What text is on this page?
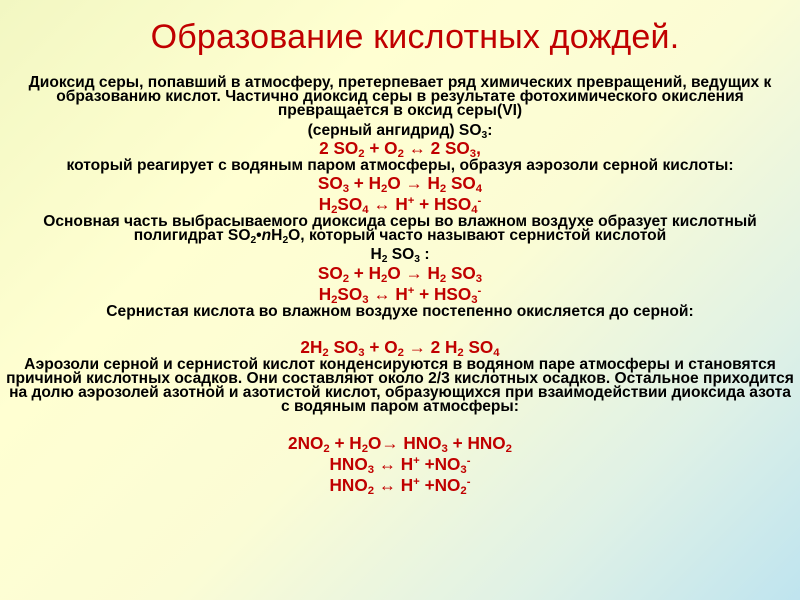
Образование кислотных дождей.
Диоксид серы, попавший в атмосферу, претерпевает ряд химических превращений, ведущих к образованию кислот. Частично диоксид серы в результате фотохимического окисления превращается в оксид серы(VI)
(серный ангидрид) $SO_3$:
2 $SO_2 + O_2$ ↔ 2 $SO_3$,
который реагирует с водяным паром атмосферы, образуя аэрозоли серной кислоты:
$SO_3 + H_2O \to H_2$ $SO_4$
$H_2SO_4$ ↔ $H^+ + HSO_4^-$
Основная часть выбрасываемого диоксида серы во влажном воздухе образует кислотный полигидрат $SO_2•nH_2O$, который часто называют сернистой кислотой
$H_2$ $SO_3$ :
$SO_2 + H_2O \to H_2$ $SO_3$
$H_2SO_3$ ↔ $H^+ + HSO_3^-$
Сернистая кислота во влажном воздухе постепенно окисляется до серной:
$2H_2$ $SO_3 + O_2 \to 2$ $H_2$ $SO_4$
Аэрозоли серной и сернистой кислот конденсируются в водяном паре атмосферы и становятся причиной кислотных осадков. Они составляют около 2/3 кислотных осадков. Остальное приходится на долю аэрозолей азотной и азотистой кислот, образующихся при взаимодействии диоксида азота с водяным паром атмосферы:
$2NO_2 + H_2O\to HNO_3 + HNO_2$
$HNO_3$ ↔ $H^+ +NO_3^-$
$HNO_2$ ↔ $H^+ +NO_2^-$
